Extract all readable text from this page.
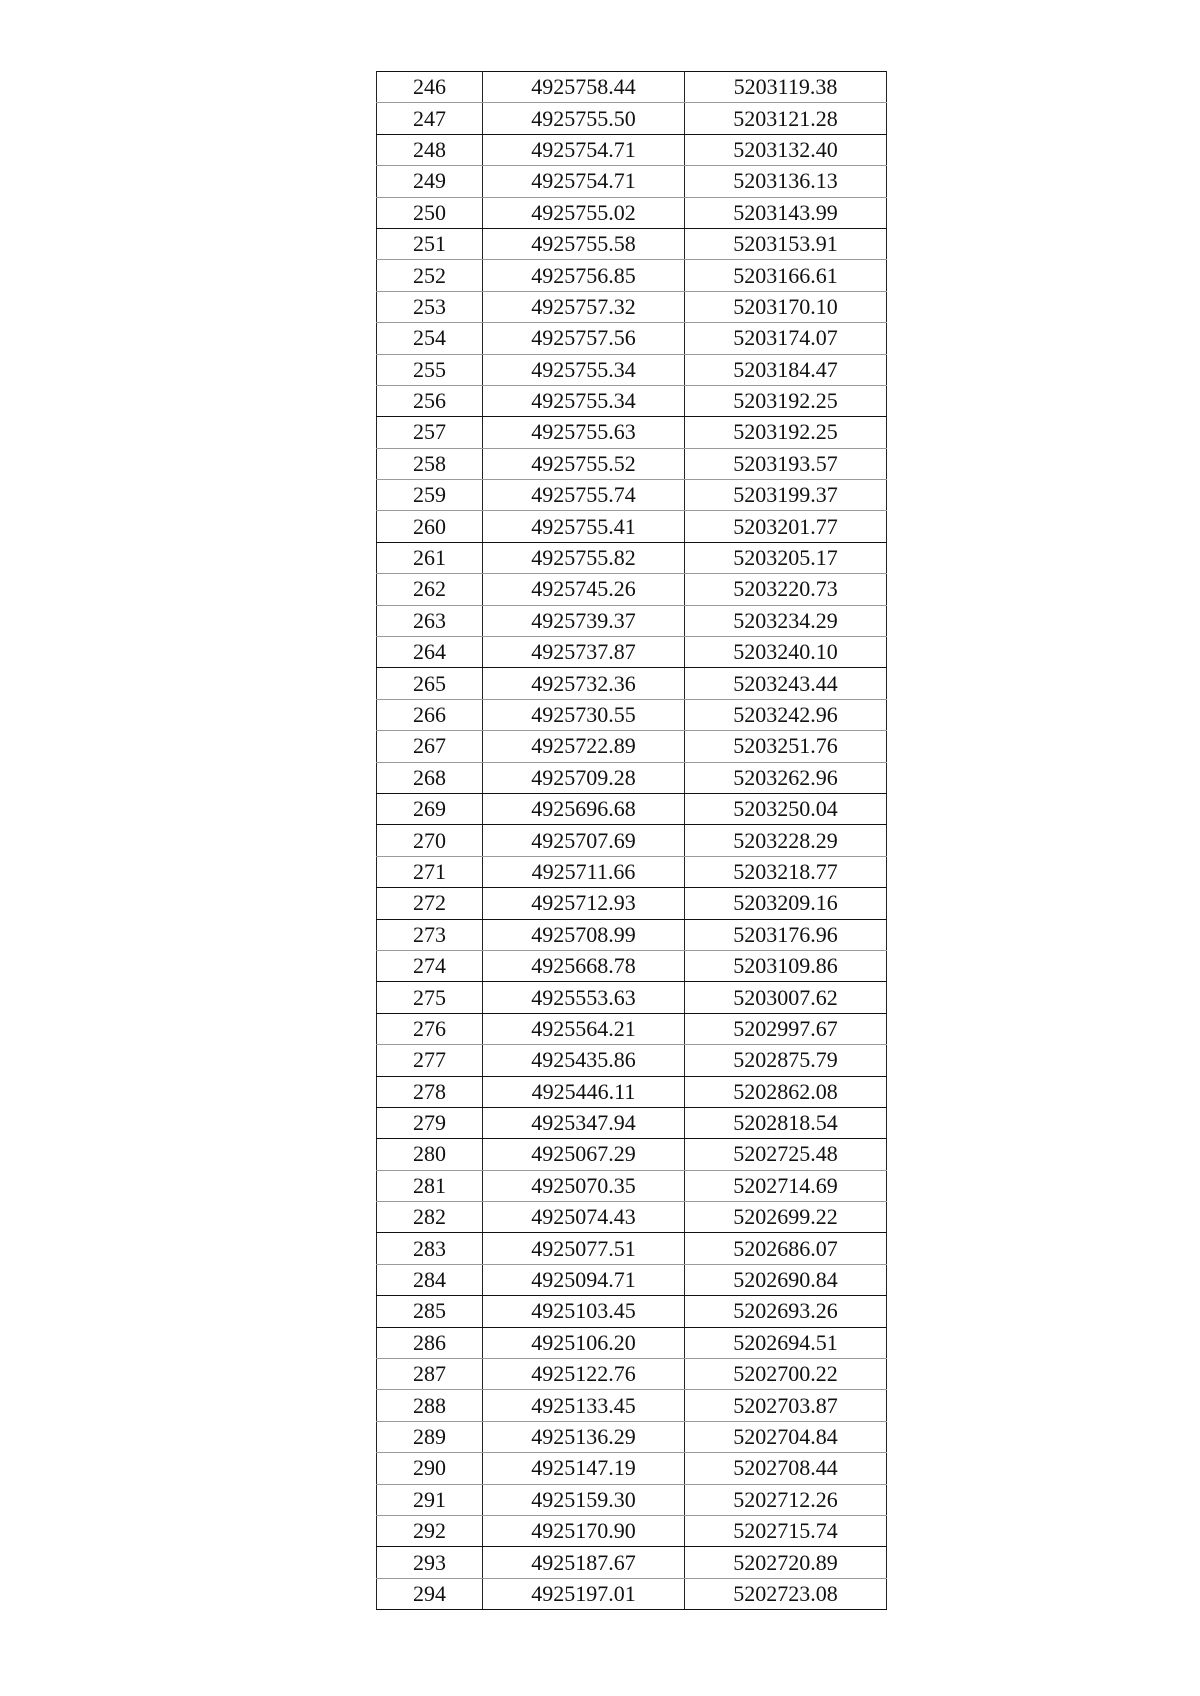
246	4925758.44	5203119.38
247	4925755.50	5203121.28
248	4925754.71	5203132.40
249	4925754.71	5203136.13
250	4925755.02	5203143.99
251	4925755.58	5203153.91
252	4925756.85	5203166.61
253	4925757.32	5203170.10
254	4925757.56	5203174.07
255	4925755.34	5203184.47
256	4925755.34	5203192.25
257	4925755.63	5203192.25
258	4925755.52	5203193.57
259	4925755.74	5203199.37
260	4925755.41	5203201.77
261	4925755.82	5203205.17
262	4925745.26	5203220.73
263	4925739.37	5203234.29
264	4925737.87	5203240.10
265	4925732.36	5203243.44
266	4925730.55	5203242.96
267	4925722.89	5203251.76
268	4925709.28	5203262.96
269	4925696.68	5203250.04
270	4925707.69	5203228.29
271	4925711.66	5203218.77
272	4925712.93	5203209.16
273	4925708.99	5203176.96
274	4925668.78	5203109.86
275	4925553.63	5203007.62
276	4925564.21	5202997.67
277	4925435.86	5202875.79
278	4925446.11	5202862.08
279	4925347.94	5202818.54
280	4925067.29	5202725.48
281	4925070.35	5202714.69
282	4925074.43	5202699.22
283	4925077.51	5202686.07
284	4925094.71	5202690.84
285	4925103.45	5202693.26
286	4925106.20	5202694.51
287	4925122.76	5202700.22
288	4925133.45	5202703.87
289	4925136.29	5202704.84
290	4925147.19	5202708.44
291	4925159.30	5202712.26
292	4925170.90	5202715.74
293	4925187.67	5202720.89
294	4925197.01	5202723.08
